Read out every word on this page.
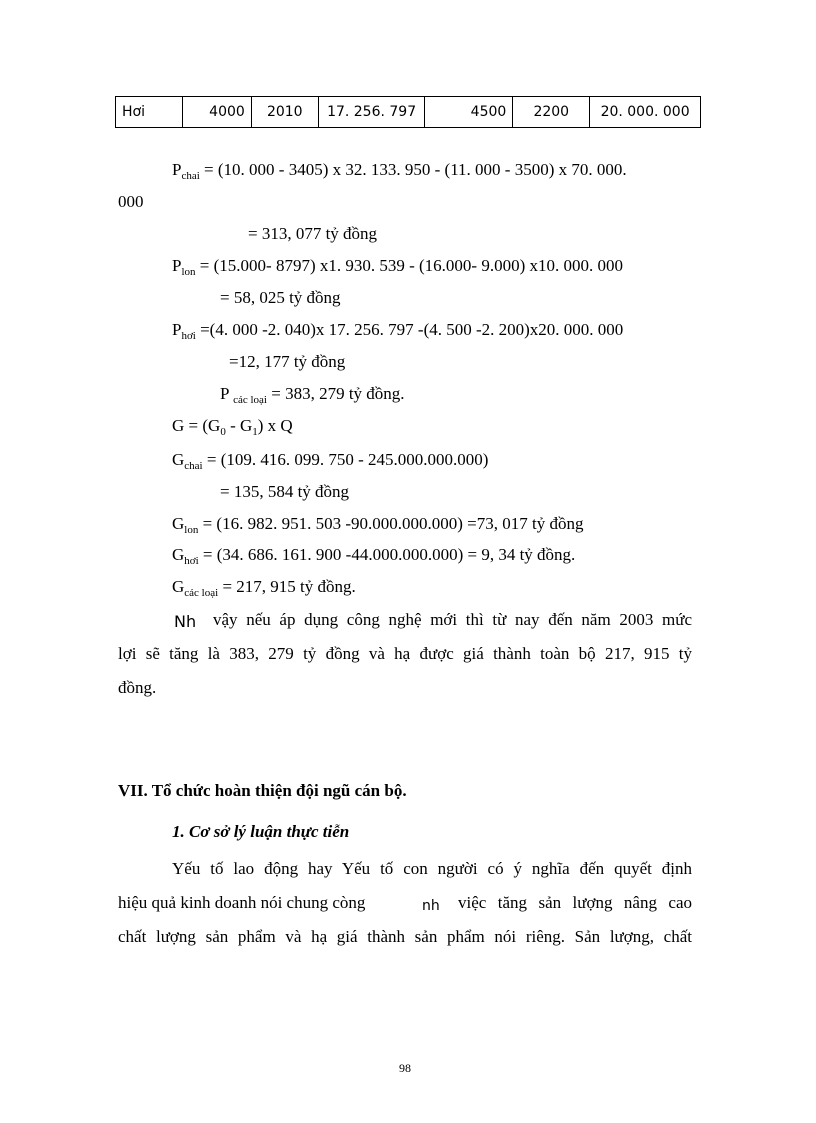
Hơi	4000	2010	17. 256. 797	4500	2200	20. 000. 000
$P_{chai} = (10$. 000 - 3405) x 32. 133. 950 - (11. 000 - 3500) x 70. 000.
000
= 313, 077 tỷ đồng
$P_{lon} = (15.000-$ 8797) x1. 930. 539 - (16.000- 9.000) x10. 000. 000
= 58, 025 tỷ đồng
$P_{hơi} =(4$. 000 -2. 040)x 17. 256. 797 -(4. 500 -2. 200)x20. 000. 000
=12, 177 tỷ đồng
P $_{các loại}$ = 383, 279 tỷ đồng.
$G = (G_0 - G_1)$ x Q
$G_{chai} = (109$. 416. 099. 750 - 245.000.000.000)
= 135, 584 tỷ đồng
$G_{lon} = (16$. 982. 951. 503 -90.000.000.000) =73, 017 tỷ đồng
$G_{hơi} = (34$. 686. 161. 900 -44.000.000.000) = 9, 34 tỷ đồng.
$G_{các loại} = 217$, 915 tỷ đồng.
Nh vậy nếu áp dụng công nghệ mới thì từ nay đến năm 2003 mức
lợi sẽ tăng là 383, 279 tỷ đồng và hạ được giá thành toàn bộ 217, 915 tỷ
đồng.
VII. Tổ chức hoàn thiện đội ngũ cán bộ.
1. Cơ sở lý luận thực tiễn
Yếu tố lao động hay Yếu tố con người có ý nghĩa đến quyết định
hiệu quả kinh doanh nói chung còng	nh việc tăng sản lượng nâng cao
chất lượng sản phẩm và hạ giá thành sản phẩm nói riêng. Sản lượng, chất
98
